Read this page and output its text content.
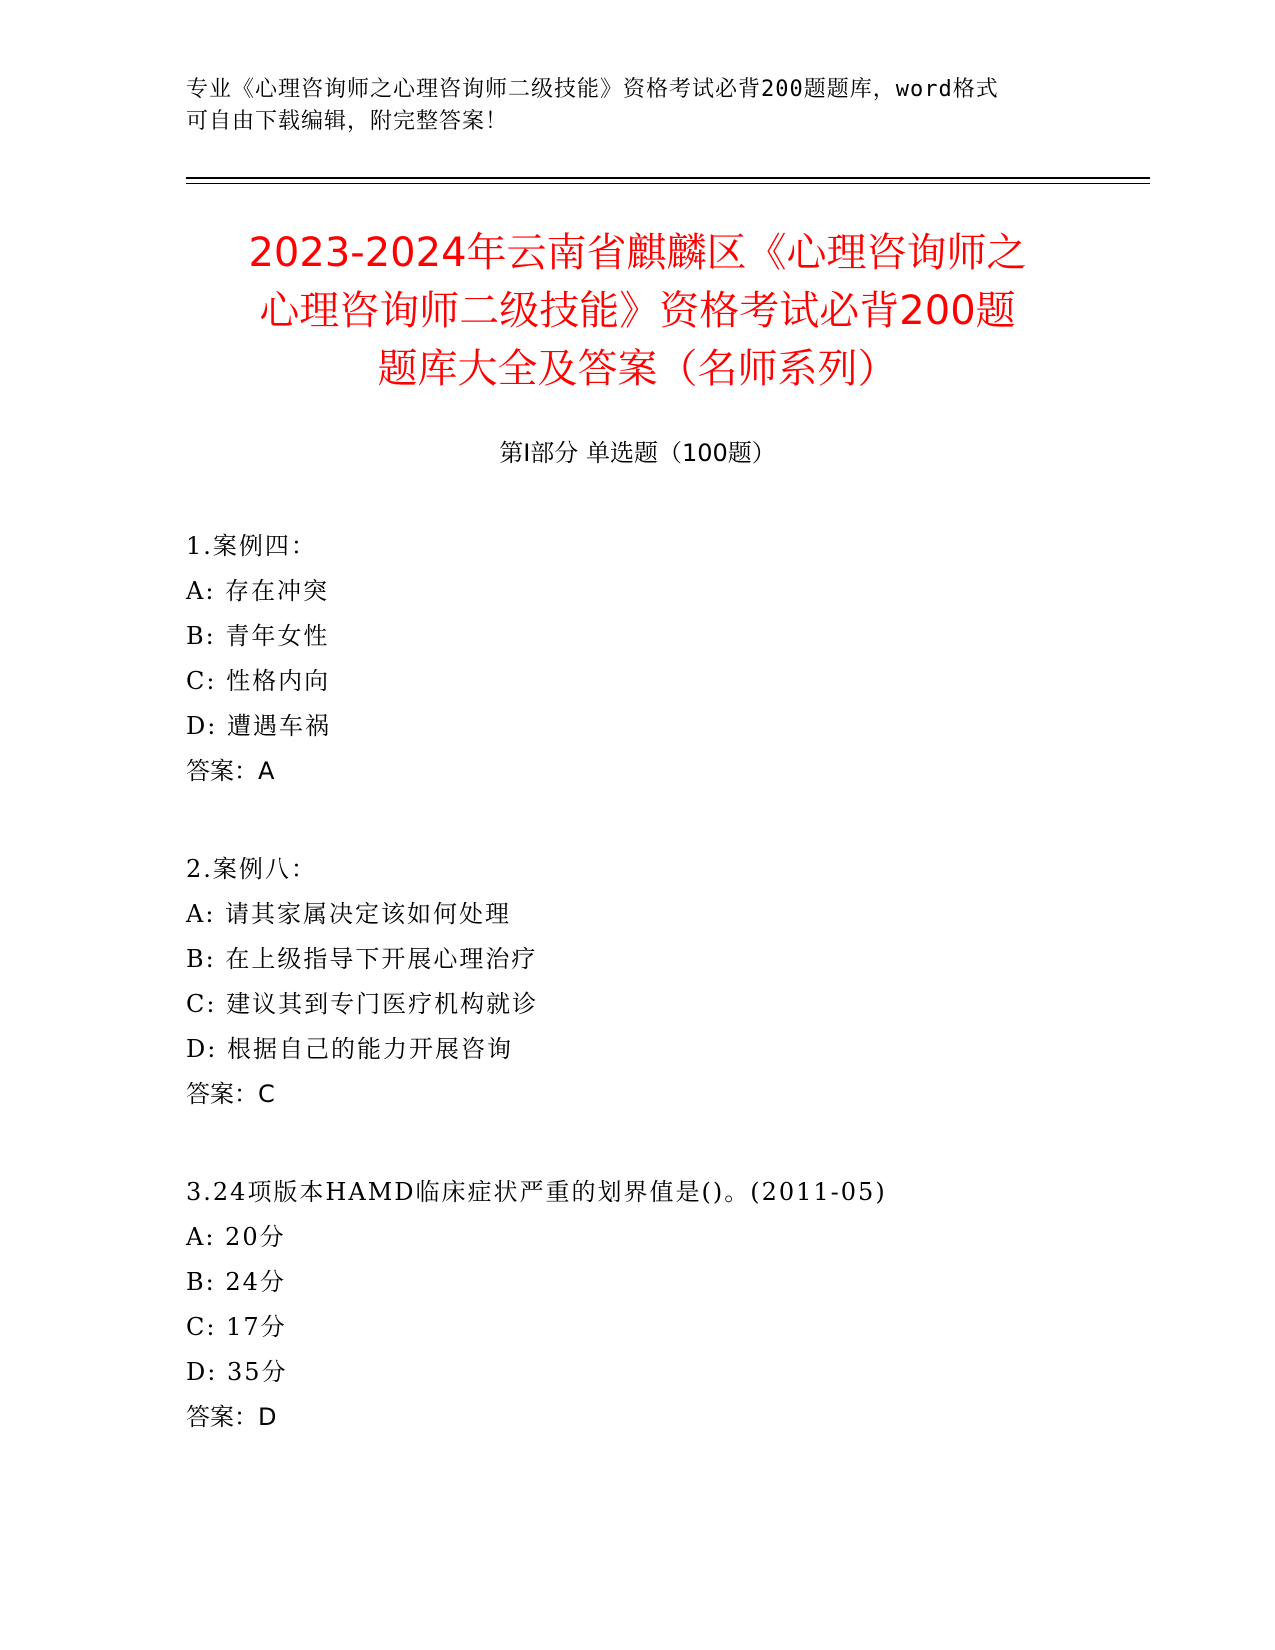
专业《心理咨询师之心理咨询师二级技能》资格考试必背200题题库，word格式
可自由下载编辑，附完整答案！
2023-2024年云南省麒麟区《心理咨询师之
心理咨询师二级技能》资格考试必背200题
题库大全及答案（名师系列）
第Ⅰ部分 单选题（100题）
1.案例四：
A: 存在冲突
B: 青年女性
C: 性格内向
D: 遭遇车祸
答案：A
2.案例八：
A: 请其家属决定该如何处理
B: 在上级指导下开展心理治疗
C: 建议其到专门医疗机构就诊
D: 根据自己的能力开展咨询
答案：C
3.24项版本HAMD临床症状严重的划界值是()。(2011-05)
A: 20分
B: 24分
C: 17分
D: 35分
答案：D
